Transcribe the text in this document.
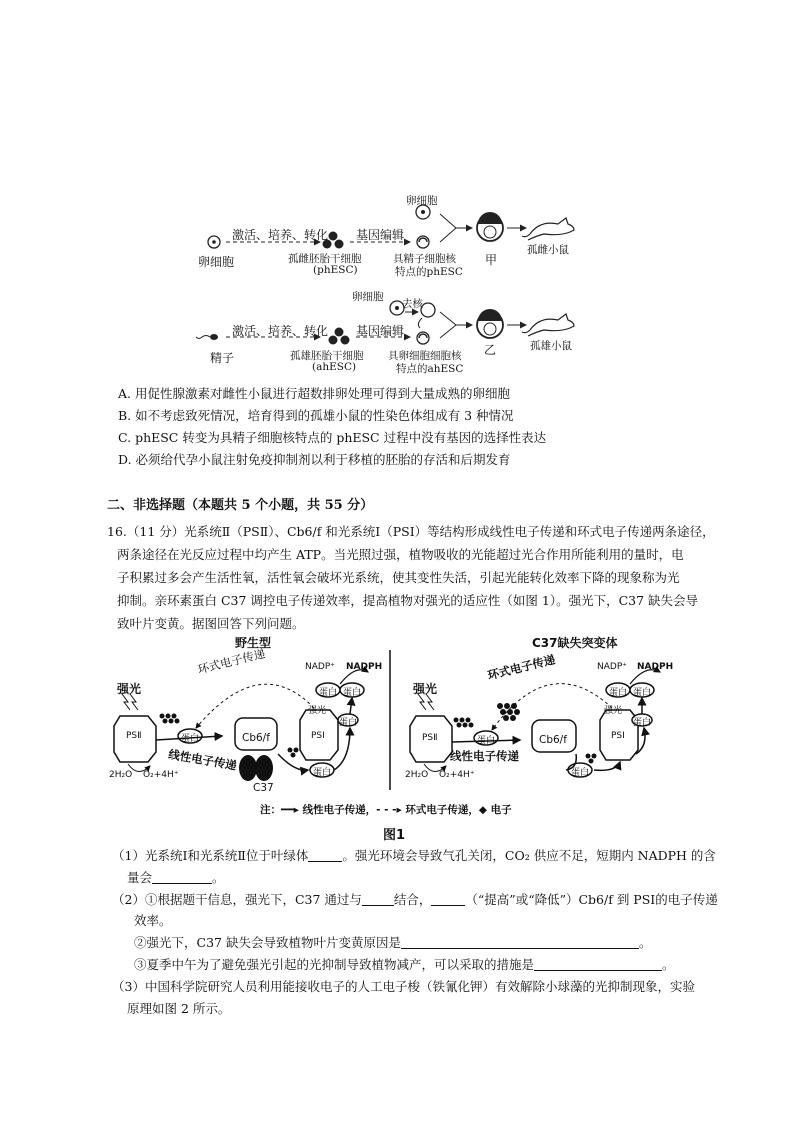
卵细胞
激活、培养、转化
孤雌胚胎干细胞
(phESC)
基因编辑
卵细胞
具精子细胞核
特点的phESC
甲
孤雌小鼠
精子
激活、培养、转化
孤雄胚胎干细胞
(ahESC)
基因编辑
卵细胞
去核
具卵细胞细胞核
特点的ahESC
乙	孤雄小鼠
A. 用促性腺激素对雌性小鼠进行超数排卵处理可得到大量成熟的卵细胞
B. 如不考虑致死情况，培育得到的孤雄小鼠的性染色体组成有 3 种情况
C. phESC 转变为具精子细胞核特点的 phESC 过程中没有基因的选择性表达
D. 必须给代孕小鼠注射免疫抑制剂以利于移植的胚胎的存活和后期发育
二、非选择题（本题共 5 个小题，共 55 分）
16.（11 分）光系统Ⅱ（PSⅡ）、Cb6/f 和光系统Ⅰ（PSⅠ）等结构形成线性电子传递和环式电子传递两条途径，
两条途径在光反应过程中均产生 ATP。当光照过强，植物吸收的光能超过光合作用所能利用的量时，电
子积累过多会产生活性氧，活性氧会破坏光系统，使其变性失活，引起光能转化效率下降的现象称为光
抑制。亲环素蛋白 C37 调控电子传递效率，提高植物对强光的适应性（如图 1）。强光下，C37 缺失会导
致叶片变黄。据图回答下列问题。
野生型	C37缺失突变体
强光
环式电子传递
线性电子传递
PSⅡ	PSⅠ
Cb6/f
蛋白
蛋白
蛋白 蛋白
蛋白
强光
NADP⁺ NADPH
2H₂O O₂+4H⁺
C37
强光
环式电子传递
线性电子传递
PSⅡ	PSⅠ
Cb6/f
蛋白
蛋白
蛋白 蛋白
蛋白
强光
NADP⁺ NADPH
2H₂O O₂+4H⁺
注：━━▸ 线性电子传递，- - -▸ 环式电子传递，◆ 电子
图1
（1）光系统Ⅰ和光系统Ⅱ位于叶绿体	。强光环境会导致气孔关闭，CO₂ 供应不足，短期内 NADPH 的含
量会	。
（2）①根据题干信息，强光下，C37 通过与	结合，	（“提高”或“降低”）Cb6/f 到 PSⅠ的电子传递
效率。
②强光下，C37 缺失会导致植物叶片变黄原因是	。
③夏季中午为了避免强光引起的光抑制导致植物减产，可以采取的措施是	。
（3）中国科学院研究人员利用能接收电子的人工电子梭（铁氰化钾）有效解除小球藻的光抑制现象，实验
原理如图 2 所示。
